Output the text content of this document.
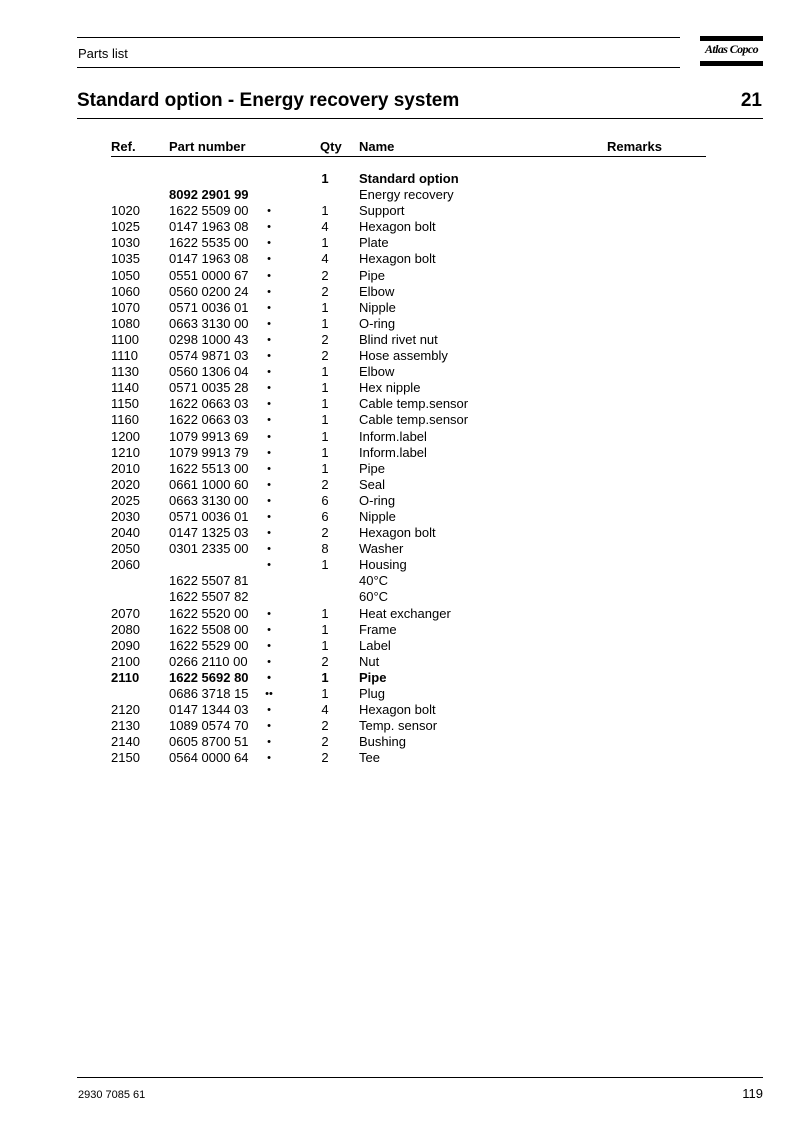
Parts list	Atlas Copco
Standard option - Energy recovery system	21
Ref.	Part number	Qty Name	Remarks
1 Standard option
8092 2901 99	Energy recovery
1020 1622 5509 00	•	1 Support
1025 0147 1963 08	•	4 Hexagon bolt
1030 1622 5535 00	•	1 Plate
1035 0147 1963 08	•	4 Hexagon bolt
1050 0551 0000 67	•	2 Pipe
1060 0560 0200 24	•	2 Elbow
1070 0571 0036 01	•	1 Nipple
1080 0663 3130 00	•	1 O-ring
1100 0298 1000 43	•	2 Blind rivet nut
1110 0574 9871 03	•	2 Hose assembly
1130 0560 1306 04	•	1 Elbow
1140 0571 0035 28	•	1 Hex nipple
1150 1622 0663 03	•	1 Cable temp.sensor
1160 1622 0663 03	•	1 Cable temp.sensor
1200 1079 9913 69	•	1 Inform.label
1210 1079 9913 79	•	1 Inform.label
2010 1622 5513 00	•	1 Pipe
2020 0661 1000 60	•	2 Seal
2025 0663 3130 00	•	6 O-ring
2030 0571 0036 01	•	6 Nipple
2040 0147 1325 03	•	2 Hexagon bolt
2050 0301 2335 00	•	8 Washer
2060	•	1 Housing
1622 5507 81	40°C
1622 5507 82	60°C
2070 1622 5520 00	•	1 Heat exchanger
2080 1622 5508 00	•	1 Frame
2090 1622 5529 00	•	1 Label
2100 0266 2110 00	•	2 Nut
2110 1622 5692 80	•	1 Pipe
0686 3718 15 ••	1 Plug
2120 0147 1344 03	•	4 Hexagon bolt
2130 1089 0574 70	•	2 Temp. sensor
2140 0605 8700 51	•	2 Bushing
2150 0564 0000 64	•	2 Tee
2930 7085 61	119
